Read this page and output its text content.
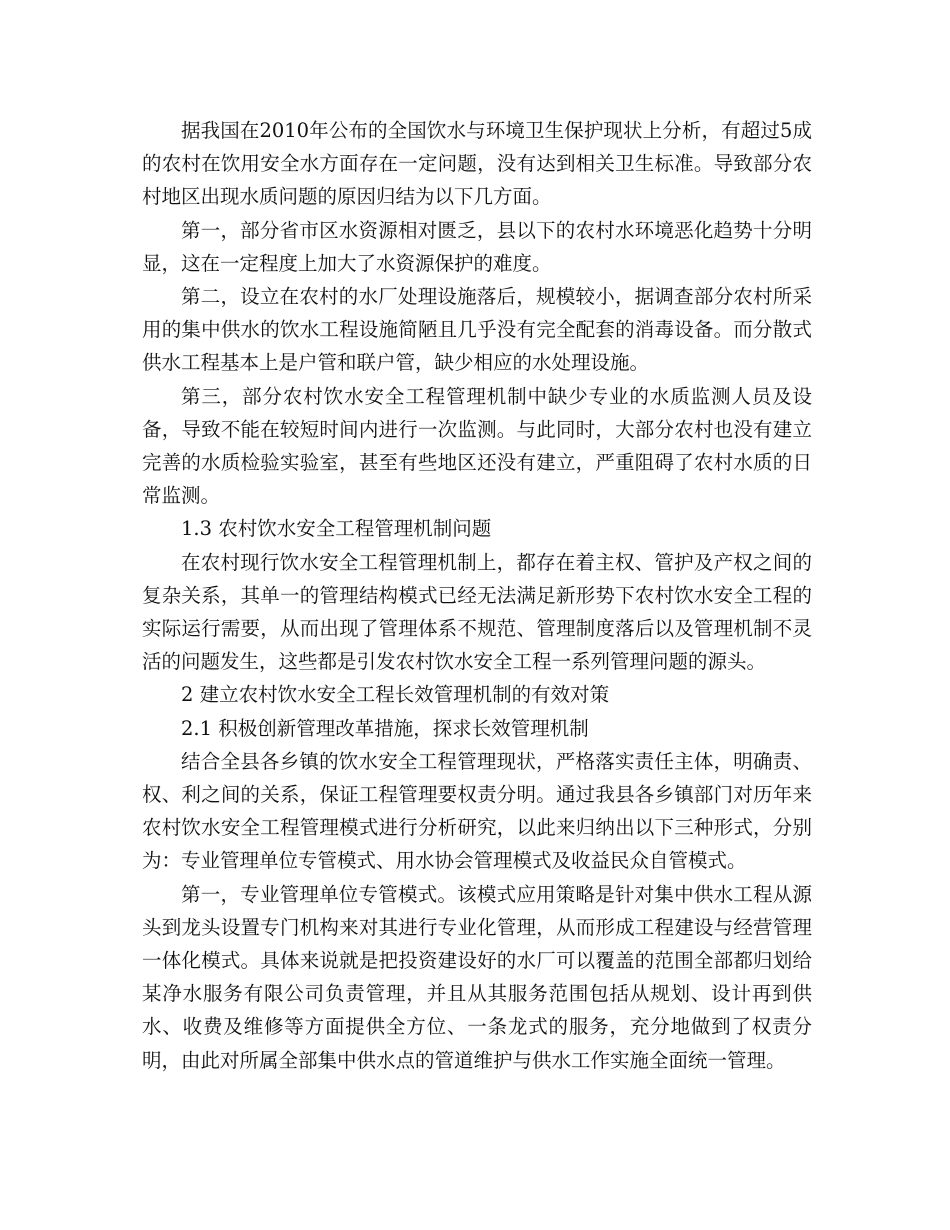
据我国在2010年公布的全国饮水与环境卫生保护现状上分析，有超过5成的农村在饮用安全水方面存在一定问题，没有达到相关卫生标准。导致部分农村地区出现水质问题的原因归结为以下几方面。

第一，部分省市区水资源相对匮乏，县以下的农村水环境恶化趋势十分明显，这在一定程度上加大了水资源保护的难度。

第二，设立在农村的水厂处理设施落后，规模较小，据调查部分农村所采用的集中供水的饮水工程设施简陋且几乎没有完全配套的消毒设备。而分散式供水工程基本上是户管和联户管，缺少相应的水处理设施。

第三，部分农村饮水安全工程管理机制中缺少专业的水质监测人员及设备，导致不能在较短时间内进行一次监测。与此同时，大部分农村也没有建立完善的水质检验实验室，甚至有些地区还没有建立，严重阻碍了农村水质的日常监测。

1.3 农村饮水安全工程管理机制问题

在农村现行饮水安全工程管理机制上，都存在着主权、管护及产权之间的复杂关系，其单一的管理结构模式已经无法满足新形势下农村饮水安全工程的实际运行需要，从而出现了管理体系不规范、管理制度落后以及管理机制不灵活的问题发生，这些都是引发农村饮水安全工程一系列管理问题的源头。

2 建立农村饮水安全工程长效管理机制的有效对策

2.1 积极创新管理改革措施，探求长效管理机制

结合全县各乡镇的饮水安全工程管理现状，严格落实责任主体，明确责、权、利之间的关系，保证工程管理要权责分明。通过我县各乡镇部门对历年来农村饮水安全工程管理模式进行分析研究，以此来归纳出以下三种形式，分别为：专业管理单位专管模式、用水协会管理模式及收益民众自管模式。

第一，专业管理单位专管模式。该模式应用策略是针对集中供水工程从源头到龙头设置专门机构来对其进行专业化管理，从而形成工程建设与经营管理一体化模式。具体来说就是把投资建设好的水厂可以覆盖的范围全部都归划给某净水服务有限公司负责管理，并且从其服务范围包括从规划、设计再到供水、收费及维修等方面提供全方位、一条龙式的服务，充分地做到了权责分明，由此对所属全部集中供水点的管道维护与供水工作实施全面统一管理。
